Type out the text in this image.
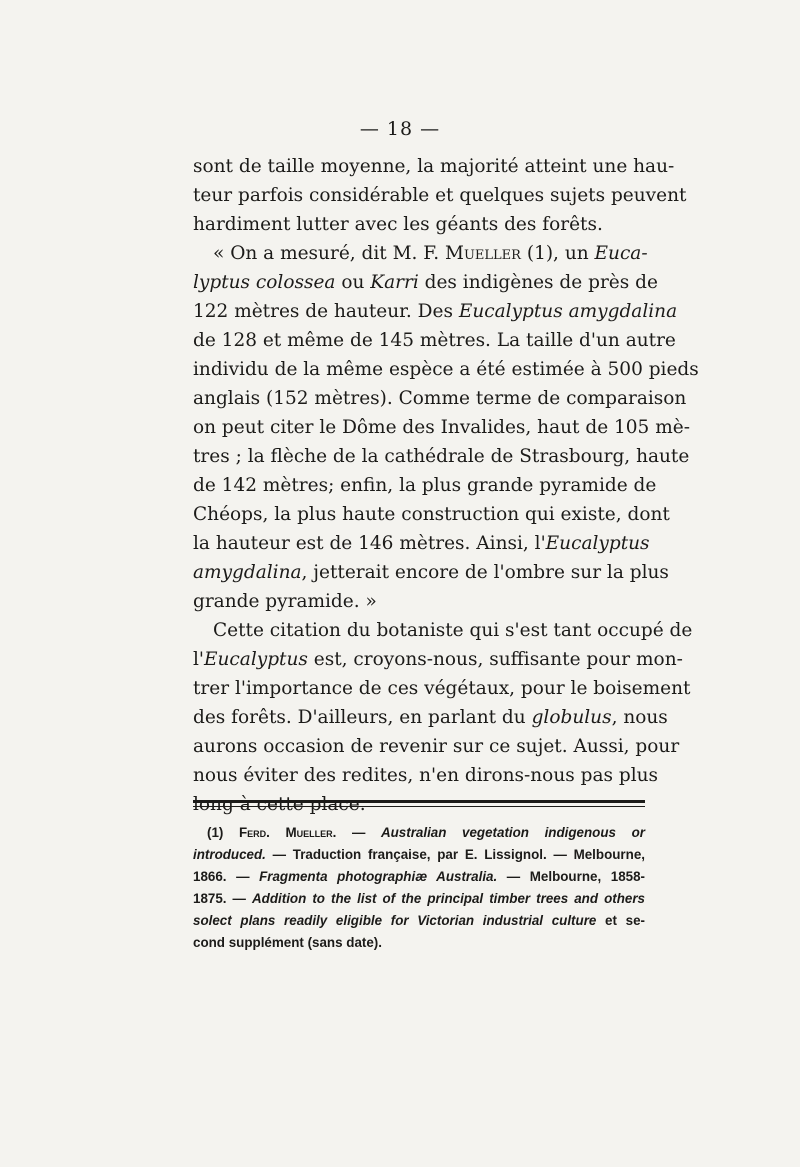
— 18 —
sont de taille moyenne, la majorité atteint une hau-
teur parfois considérable et quelques sujets peuvent
hardiment lutter avec les géants des forêts.
« On a mesuré, dit M. F. Mueller (1), un Euca-
lyptus colossea ou Karri des indigènes de près de
122 mètres de hauteur. Des Eucalyptus amygdalina
de 128 et même de 145 mètres. La taille d'un autre
individu de la même espèce a été estimée à 500 pieds
anglais (152 mètres). Comme terme de comparaison
on peut citer le Dôme des Invalides, haut de 105 mè-
tres ; la flèche de la cathédrale de Strasbourg, haute
de 142 mètres; enfin, la plus grande pyramide de
Chéops, la plus haute construction qui existe, dont
la hauteur est de 146 mètres. Ainsi, l'Eucalyptus
amygdalina, jetterait encore de l'ombre sur la plus
grande pyramide. »
Cette citation du botaniste qui s'est tant occupé de
l'Eucalyptus est, croyons-nous, suffisante pour mon-
trer l'importance de ces végétaux, pour le boisement
des forêts. D'ailleurs, en parlant du globulus, nous
aurons occasion de revenir sur ce sujet. Aussi, pour
nous éviter des redites, n'en dirons-nous pas plus
long à cette place.
(1) Ferd. Mueller. — Australian vegetation indigenous or
introduced. — Traduction française, par E. Lissignol. — Melbourne,
1866. — Fragmenta photographiæ Australia. — Melbourne, 1858-
1875. — Addition to the list of the principal timber trees and others
solect plans readily eligible for Victorian industrial culture et se-
cond supplément (sans date).
